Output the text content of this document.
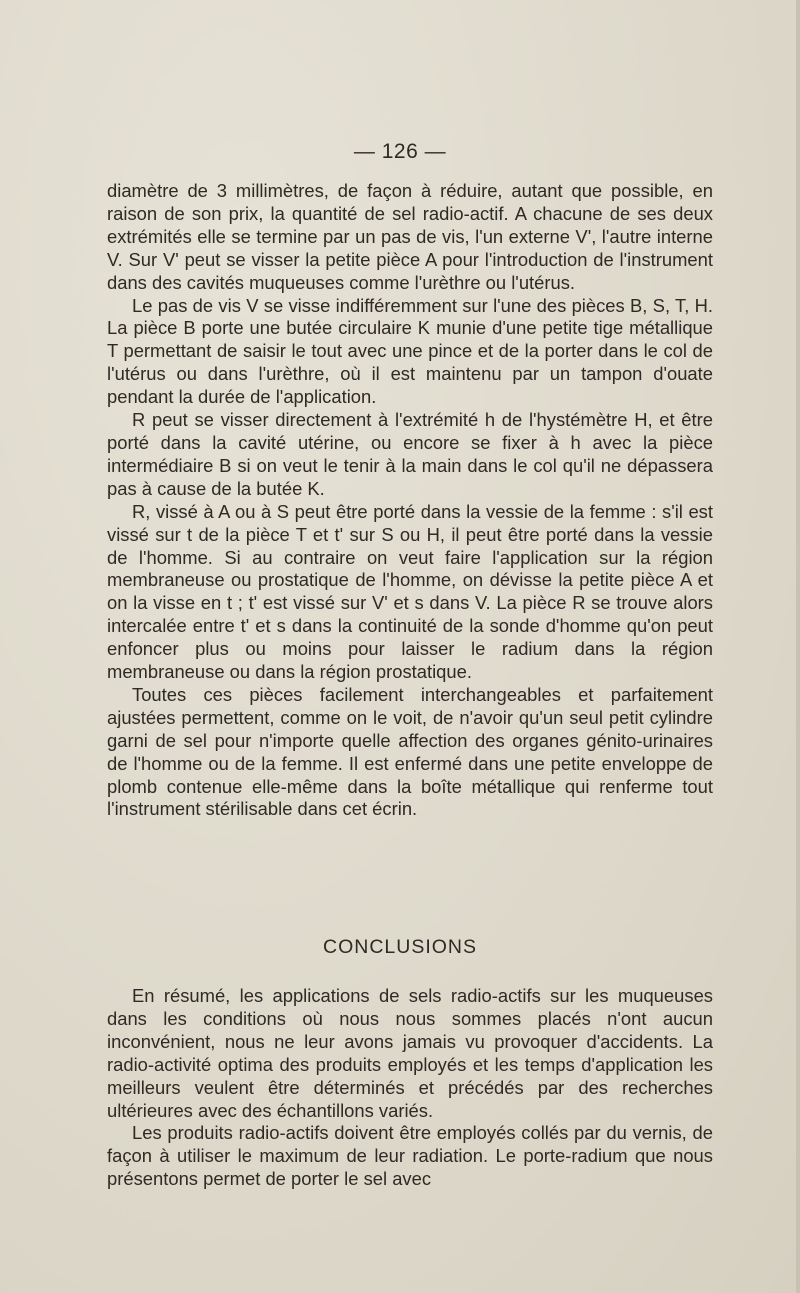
— 126 —

diamètre de 3 millimètres, de façon à réduire, autant que possible, en raison de son prix, la quantité de sel radio-actif. A chacune de ses deux extrémités elle se termine par un pas de vis, l'un externe V', l'autre interne V. Sur V' peut se visser la petite pièce A pour l'introduction de l'instrument dans des cavités muqueuses comme l'urèthre ou l'utérus.

Le pas de vis V se visse indifféremment sur l'une des pièces B, S, T, H. La pièce B porte une butée circulaire K munie d'une petite tige métallique T permettant de saisir le tout avec une pince et de la porter dans le col de l'utérus ou dans l'urèthre, où il est maintenu par un tampon d'ouate pendant la durée de l'application.

R peut se visser directement à l'extrémité h de l'hystémètre H, et être porté dans la cavité utérine, ou encore se fixer à h avec la pièce intermédiaire B si on veut le tenir à la main dans le col qu'il ne dépassera pas à cause de la butée K.

R, vissé à A ou à S peut être porté dans la vessie de la femme : s'il est vissé sur t de la pièce T et t' sur S ou H, il peut être porté dans la vessie de l'homme. Si au contraire on veut faire l'application sur la région membraneuse ou prostatique de l'homme, on dévisse la petite pièce A et on la visse en t ; t' est vissé sur V' et s dans V. La pièce R se trouve alors intercalée entre t' et s dans la continuité de la sonde d'homme qu'on peut enfoncer plus ou moins pour laisser le radium dans la région membraneuse ou dans la région prostatique.

Toutes ces pièces facilement interchangeables et parfaitement ajustées permettent, comme on le voit, de n'avoir qu'un seul petit cylindre garni de sel pour n'importe quelle affection des organes génito-urinaires de l'homme ou de la femme. Il est enfermé dans une petite enveloppe de plomb contenue elle-même dans la boîte métallique qui renferme tout l'instrument stérilisable dans cet écrin.

CONCLUSIONS

En résumé, les applications de sels radio-actifs sur les muqueuses dans les conditions où nous nous sommes placés n'ont aucun inconvénient, nous ne leur avons jamais vu provoquer d'accidents. La radio-activité optima des produits employés et les temps d'application les meilleurs veulent être déterminés et précédés par des recherches ultérieures avec des échantillons variés.

Les produits radio-actifs doivent être employés collés par du vernis, de façon à utiliser le maximum de leur radiation. Le porte-radium que nous présentons permet de porter le sel avec
